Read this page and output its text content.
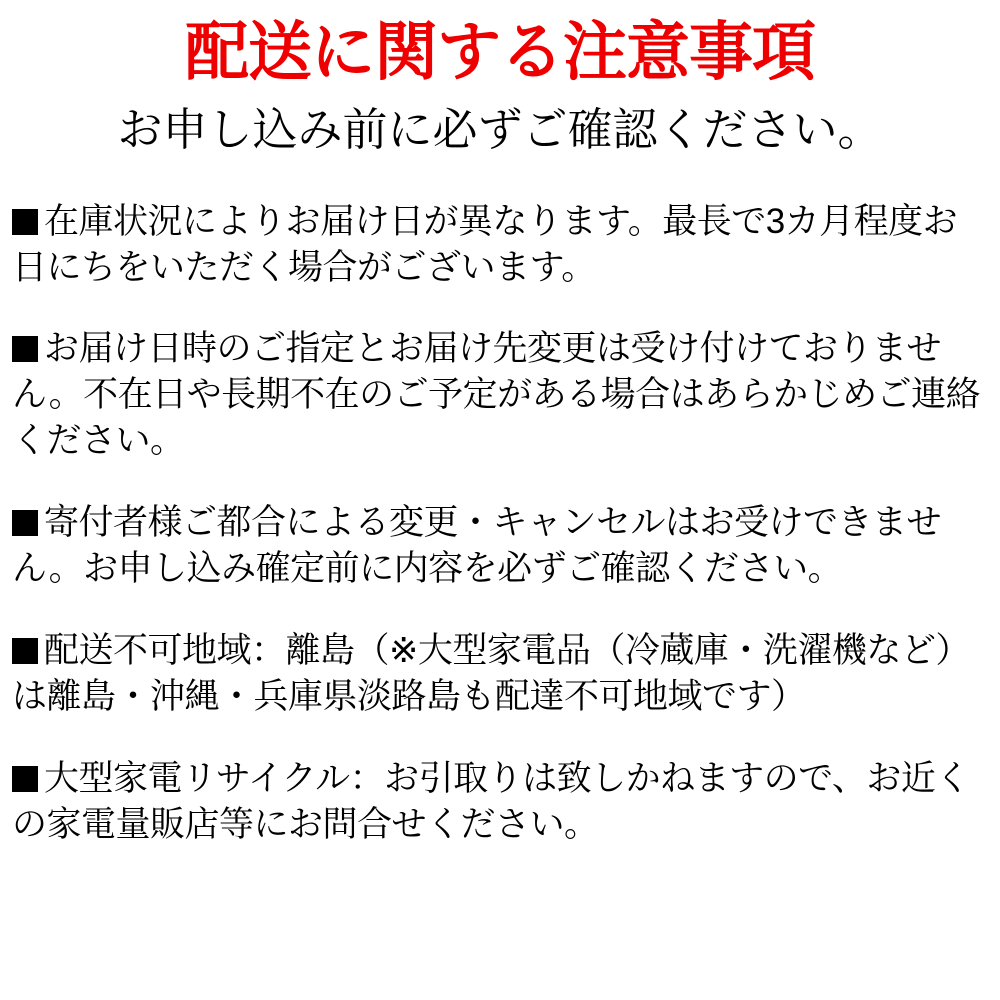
配送に関する注意事項
お申し込み前に必ずご確認ください。

在庫状況によりお届け日が異なります。最長で3カ月程度お日にちをいただく場合がございます。

お届け日時のご指定とお届け先変更は受け付けておりません。不在日や長期不在のご予定がある場合はあらかじめご連絡ください。

寄付者様ご都合による変更・キャンセルはお受けできません。お申し込み確定前に内容を必ずご確認ください。

配送不可地域：離島（※大型家電品（冷蔵庫・洗濯機など）は離島・沖縄・兵庫県淡路島も配達不可地域です）

大型家電リサイクル：お引取りは致しかねますので、お近くの家電量販店等にお問合せください。
